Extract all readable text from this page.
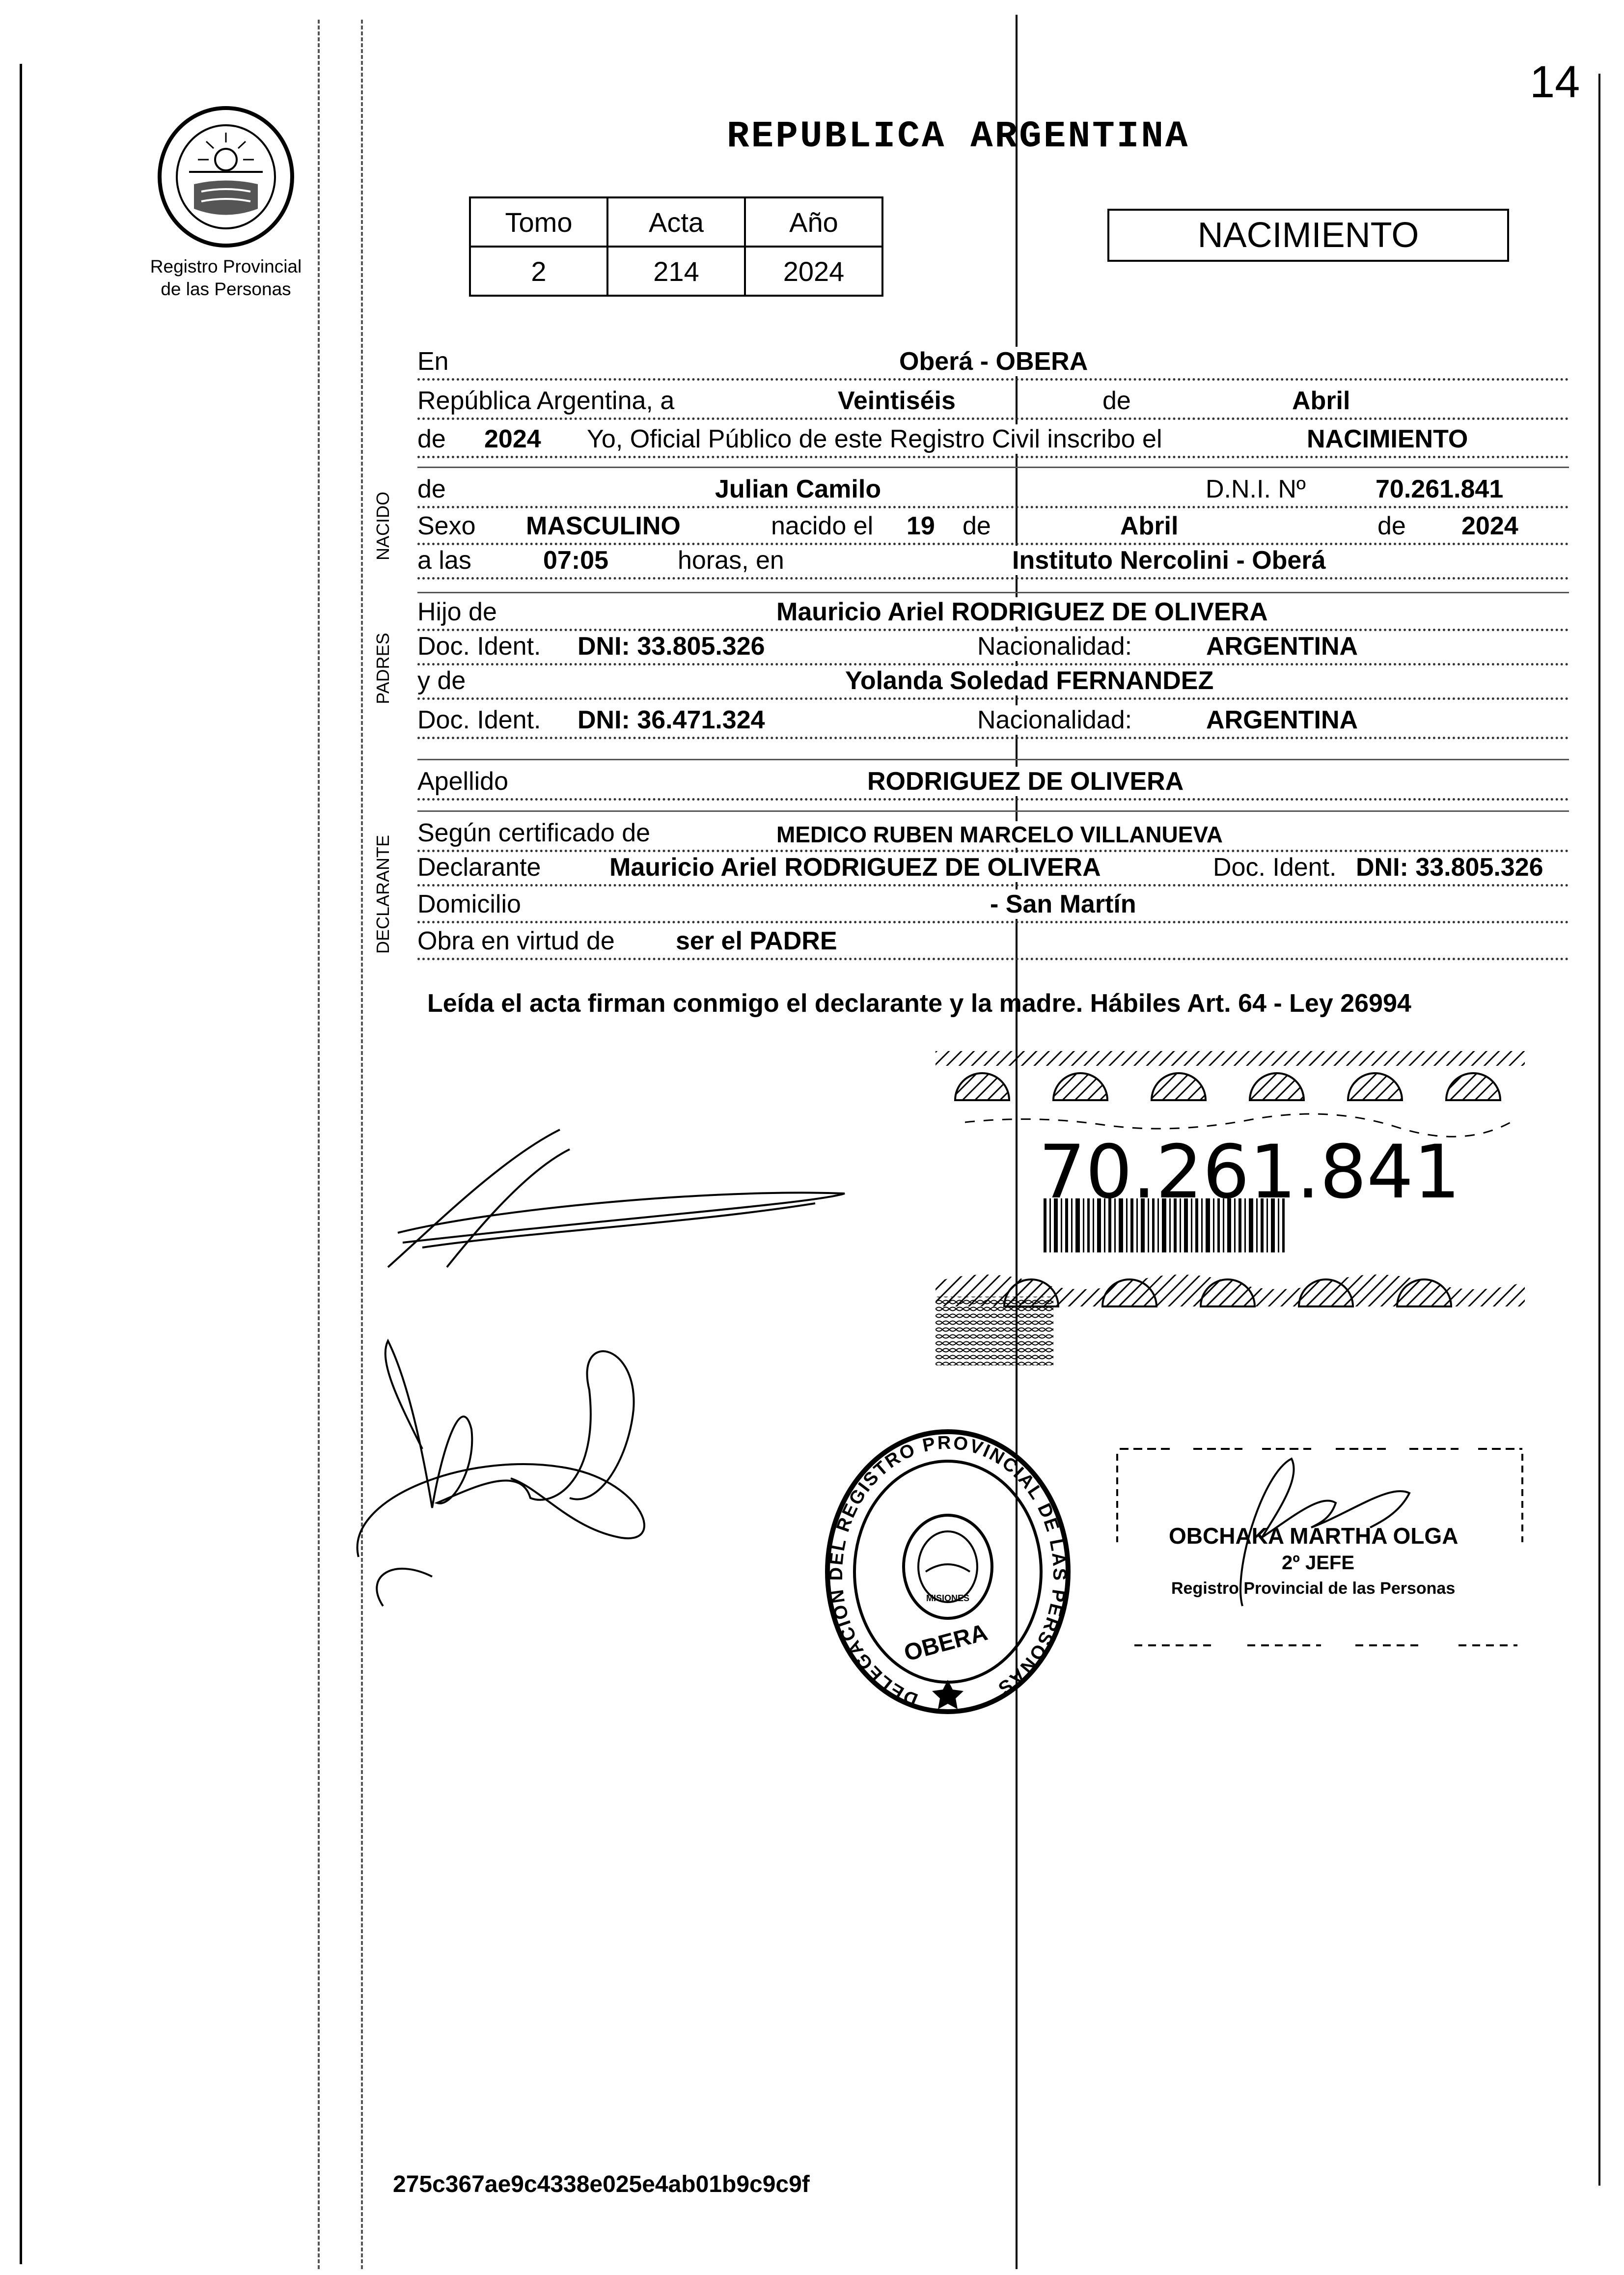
14
Registro Provincial
de las Personas
REPUBLICA ARGENTINA
Tomo	Acta	Año
2	214	2024
NACIMIENTO
NACIDO
PADRES
DECLARANTE
En	Oberá - OBERA
República Argentina, a	Veintiséis	de	Abril
de 2024 Yo, Oficial Público de este Registro Civil inscribo el	NACIMIENTO
de	Julian Camilo	D.N.I. Nº	70.261.841
Sexo MASCULINO	nacido el 19 de	Abril	de 2024
a las	07:05	horas, en	Instituto Nercolini - Oberá
Hijo de	Mauricio Ariel RODRIGUEZ DE OLIVERA
Doc. Ident. DNI: 33.805.326	Nacionalidad:	ARGENTINA
y de	Yolanda Soledad FERNANDEZ
Doc. Ident. DNI: 36.471.324	Nacionalidad:	ARGENTINA
Apellido	RODRIGUEZ DE OLIVERA
Según certificado de	MEDICO RUBEN MARCELO VILLANUEVA
Declarante	Mauricio Ariel RODRIGUEZ DE OLIVERA	Doc. Ident. DNI: 33.805.326
Domicilio	- San Martín
Obra en virtud de ser el PADRE
Leída el acta firman conmigo el declarante y la madre. Hábiles Art. 64 - Ley 26994
70.261.841
DELEGACION DEL REGISTRO PROVINCIAL DE LAS PERSONAS
MISIONES
OBERA
OBCHAKA MARTHA OLGA
2º JEFE
Registro Provincial de las Personas
275c367ae9c4338e025e4ab01b9c9c9f
